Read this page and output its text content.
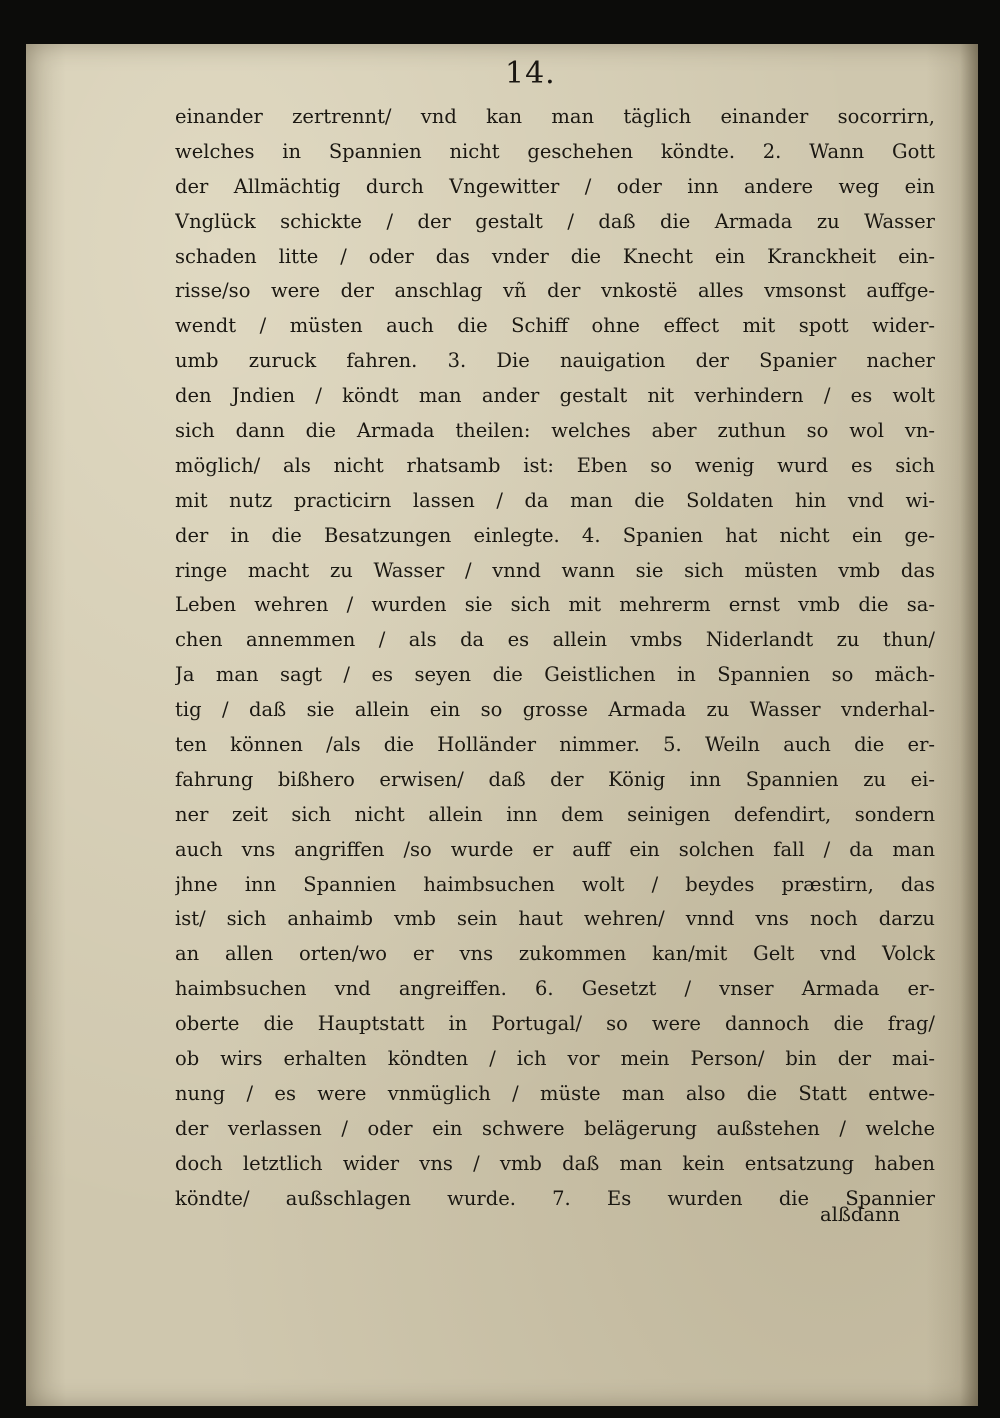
14.
einander zertrennt/ vnd kan man täglich einander socorrirn,
welches in Spannien nicht geschehen köndte. 2. Wann Gott
der Allmächtig durch Vngewitter / oder inn andere weg ein
Vnglück schickte / der gestalt / daß die Armada zu Wasser
schaden litte / oder das vnder die Knecht ein Kranckheit ein-
risse/so were der anschlag vñ der vnkostë alles vmsonst auffge-
wendt / müsten auch die Schiff ohne effect mit spott wider-
umb zuruck fahren. 3. Die nauigation der Spanier nacher
den Jndien / köndt man ander gestalt nit verhindern / es wolt
sich dann die Armada theilen: welches aber zuthun so wol vn-
möglich/ als nicht rhatsamb ist: Eben so wenig wurd es sich
mit nutz practicirn lassen / da man die Soldaten hin vnd wi-
der in die Besatzungen einlegte. 4. Spanien hat nicht ein ge-
ringe macht zu Wasser / vnnd wann sie sich müsten vmb das
Leben wehren / wurden sie sich mit mehrerm ernst vmb die sa-
chen annemmen / als da es allein vmbs Niderlandt zu thun/
Ja man sagt / es seyen die Geistlichen in Spannien so mäch-
tig / daß sie allein ein so grosse Armada zu Wasser vnderhal-
ten können /als die Holländer nimmer. 5. Weiln auch die er-
fahrung bißhero erwisen/ daß der König inn Spannien zu ei-
ner zeit sich nicht allein inn dem seinigen defendirt, sondern
auch vns angriffen /so wurde er auff ein solchen fall / da man
jhne inn Spannien haimbsuchen wolt / beydes præstirn, das
ist/ sich anhaimb vmb sein haut wehren/ vnnd vns noch darzu
an allen orten/wo er vns zukommen kan/mit Gelt vnd Volck
haimbsuchen vnd angreiffen. 6. Gesetzt / vnser Armada er-
oberte die Hauptstatt in Portugal/ so were dannoch die frag/
ob wirs erhalten köndten / ich vor mein Person/ bin der mai-
nung / es were vnmüglich / müste man also die Statt entwe-
der verlassen / oder ein schwere belägerung außstehen / welche
doch letztlich wider vns / vmb daß man kein entsatzung haben
köndte/ außschlagen wurde. 7. Es wurden die Spannier
alßdann
